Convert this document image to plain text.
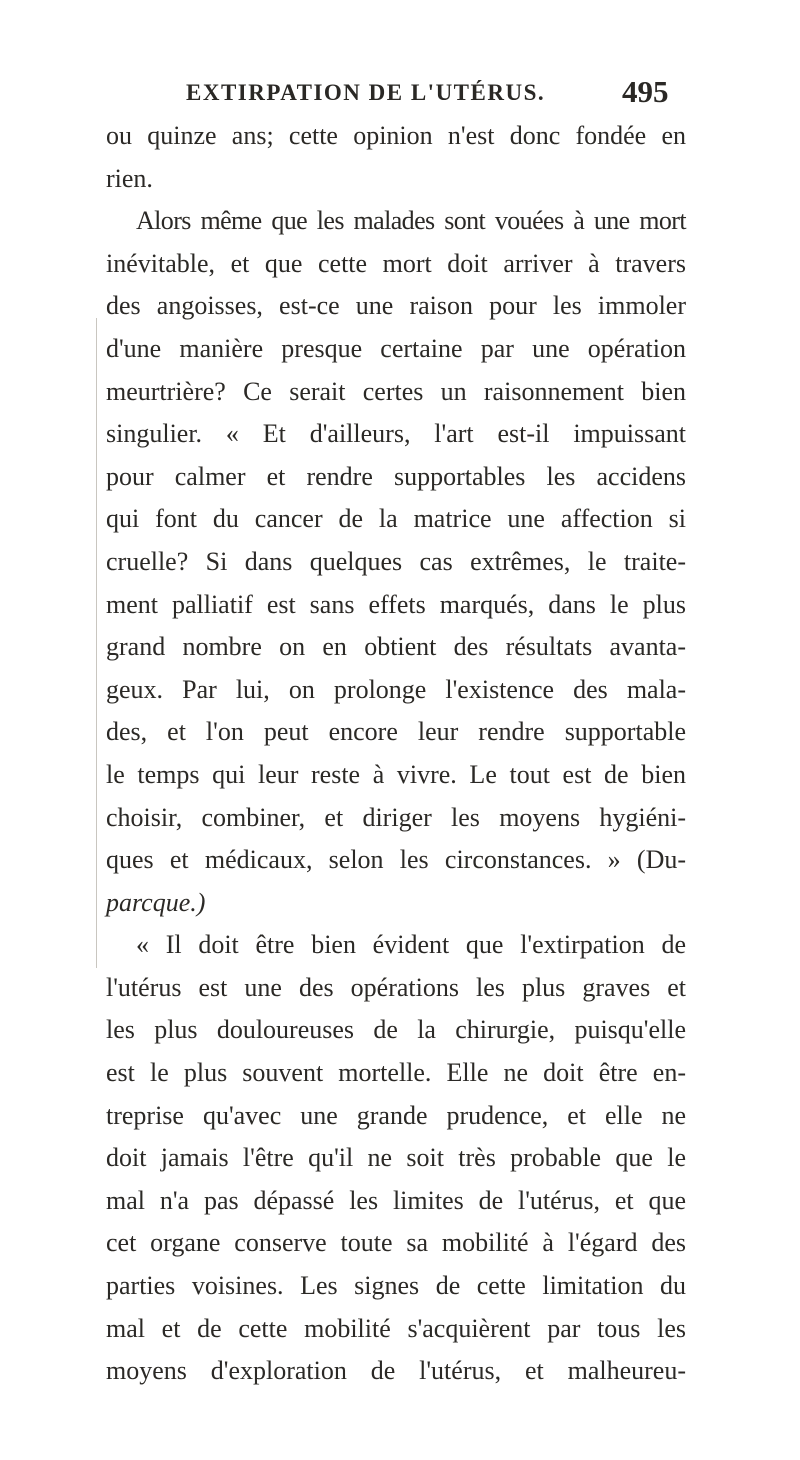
EXTIRPATION DE L'UTÉRUS. 495
ou quinze ans; cette opinion n'est donc fondée en
rien.
Alors même que les malades sont vouées à une mort
inévitable, et que cette mort doit arriver à travers
des angoisses, est-ce une raison pour les immoler
d'une manière presque certaine par une opération
meurtrière? Ce serait certes un raisonnement bien
singulier. « Et d'ailleurs, l'art est-il impuissant
pour calmer et rendre supportables les accidens
qui font du cancer de la matrice une affection si
cruelle? Si dans quelques cas extrêmes, le traite-
ment palliatif est sans effets marqués, dans le plus
grand nombre on en obtient des résultats avanta-
geux. Par lui, on prolonge l'existence des mala-
des, et l'on peut encore leur rendre supportable
le temps qui leur reste à vivre. Le tout est de bien
choisir, combiner, et diriger les moyens hygiéni-
ques et médicaux, selon les circonstances. » (Du-
parcque.)
« Il doit être bien évident que l'extirpation de
l'utérus est une des opérations les plus graves et
les plus douloureuses de la chirurgie, puisqu'elle
est le plus souvent mortelle. Elle ne doit être en-
treprise qu'avec une grande prudence, et elle ne
doit jamais l'être qu'il ne soit très probable que le
mal n'a pas dépassé les limites de l'utérus, et que
cet organe conserve toute sa mobilité à l'égard des
parties voisines. Les signes de cette limitation du
mal et de cette mobilité s'acquièrent par tous les
moyens d'exploration de l'utérus, et malheureu-
